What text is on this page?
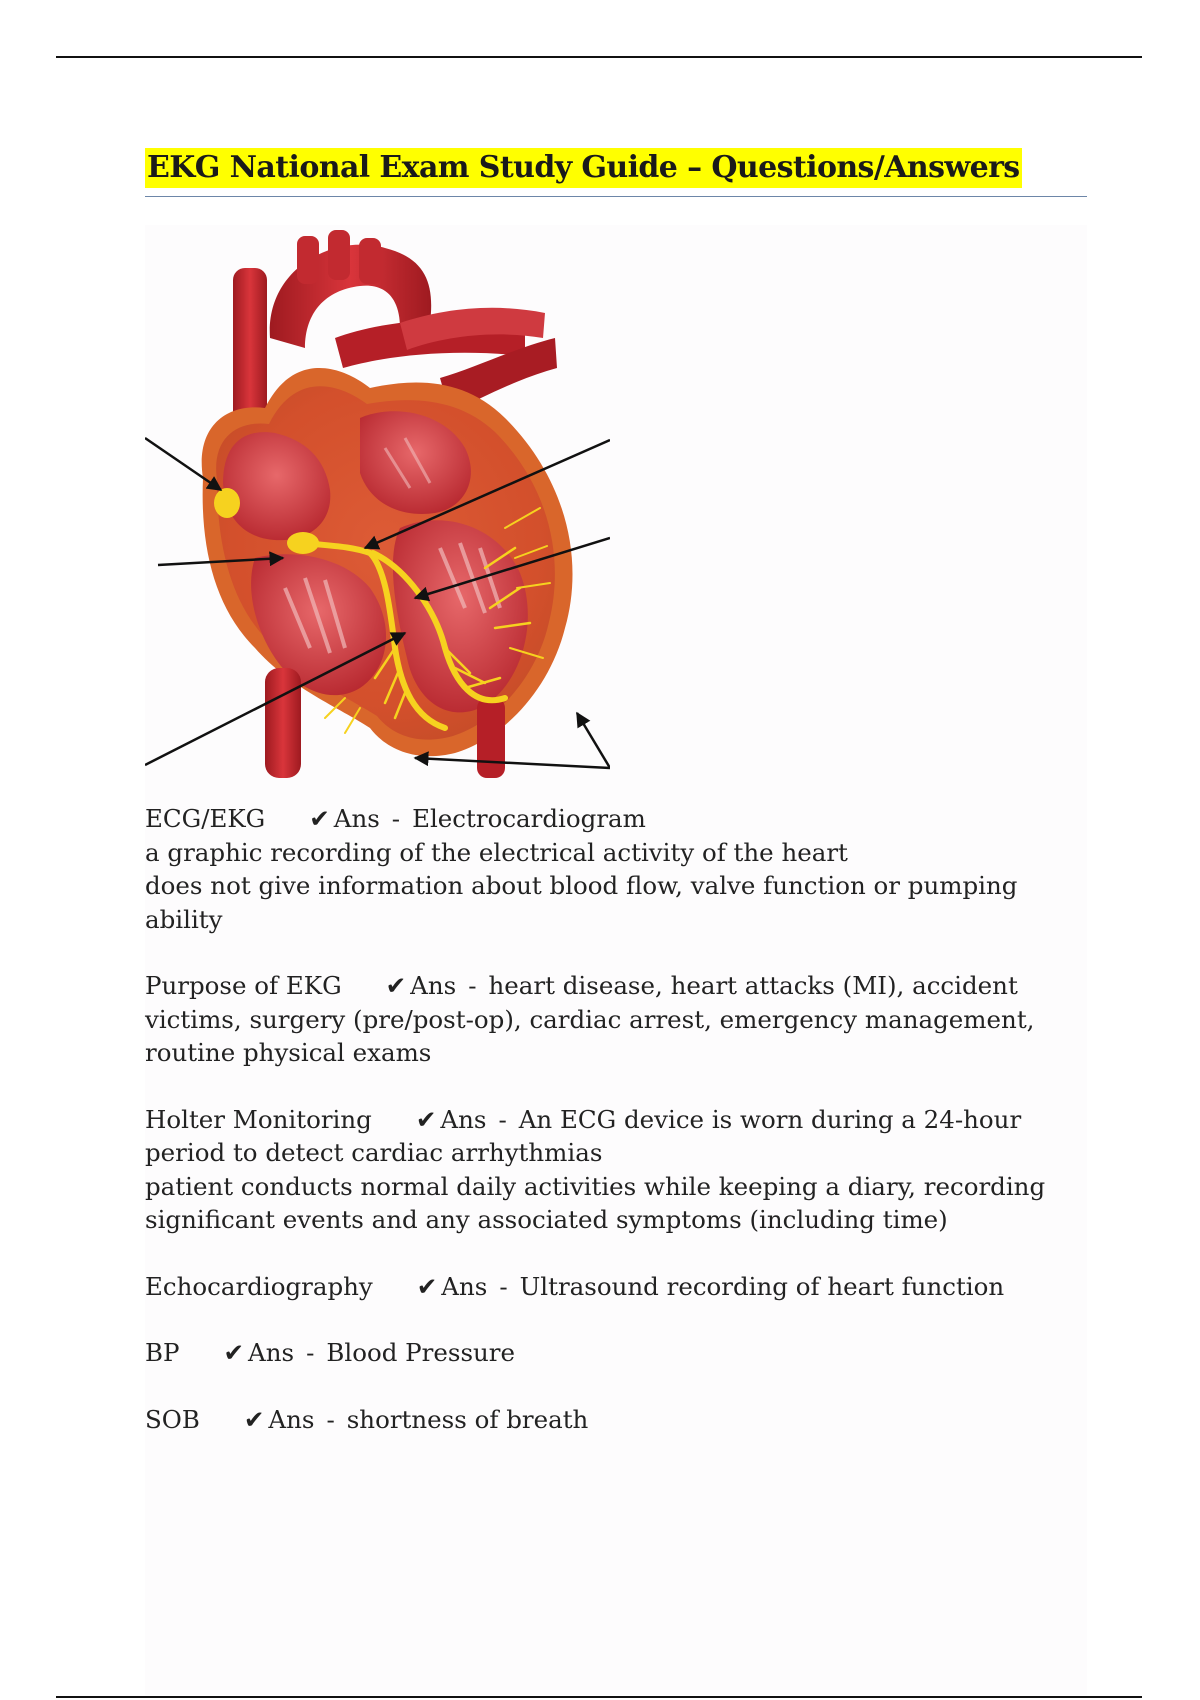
EKG National Exam Study Guide – Questions/Answers
ECG/EKG ✔ Ans - Electrocardiogram
a graphic recording of the electrical activity of the heart
does not give information about blood flow, valve function or pumping ability
Purpose of EKG ✔ Ans - heart disease, heart attacks (MI), accident victims, surgery (pre/post-op), cardiac arrest, emergency management, routine physical exams
Holter Monitoring ✔ Ans - An ECG device is worn during a 24-hour period to detect cardiac arrhythmias
patient conducts normal daily activities while keeping a diary, recording significant events and any associated symptoms (including time)
Echocardiography ✔ Ans - Ultrasound recording of heart function
BP ✔ Ans - Blood Pressure
SOB ✔ Ans - shortness of breath
